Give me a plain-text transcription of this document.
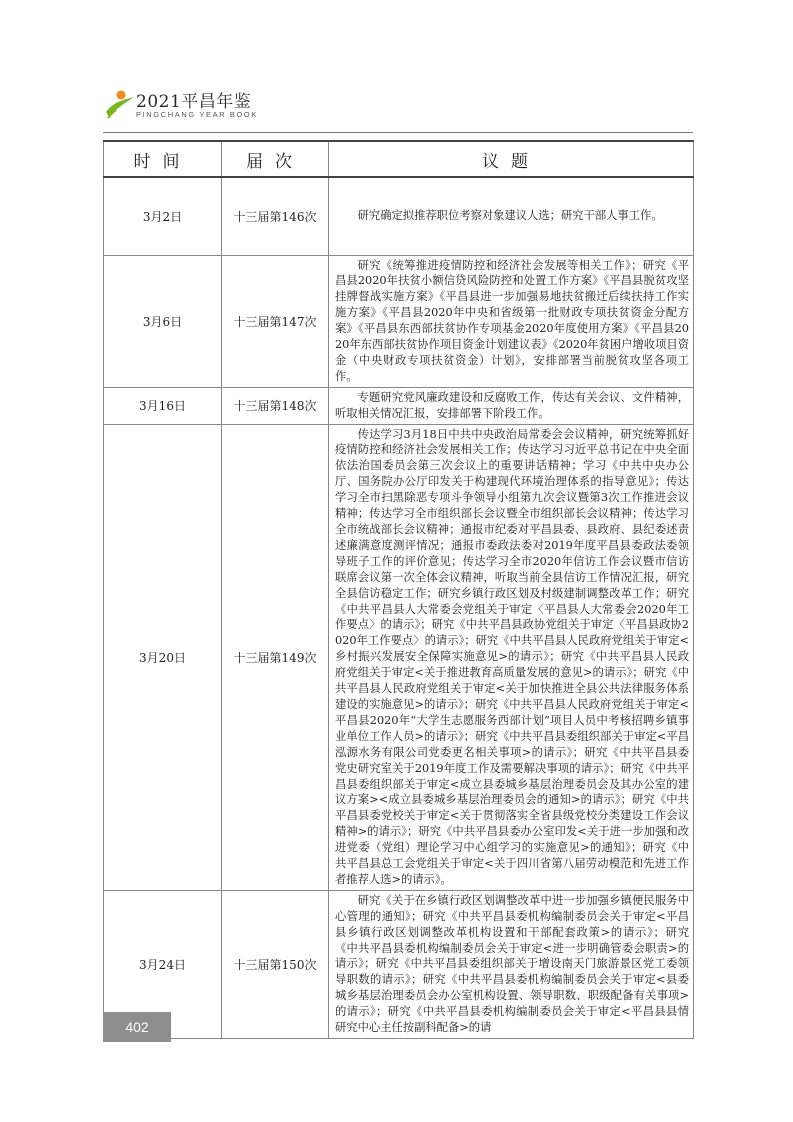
2021平昌年鉴
PINGCHANG YEAR BOOK
时间	届次	议题
3月2日	十三届第146次	研究确定拟推荐职位考察对象建议人选；研究干部人事工作。
3月6日	十三届第147次	研究《统筹推进疫情防控和经济社会发展等相关工作》；研究《平昌县2020年扶贫小额信贷风险防控和处置工作方案》《平昌县脱贫攻坚挂牌督战实施方案》《平昌县进一步加强易地扶贫搬迁后续扶持工作实施方案》《平昌县2020年中央和省级第一批财政专项扶贫资金分配方案》《平昌县东西部扶贫协作专项基金2020年度使用方案》《平昌县2020年东西部扶贫协作项目资金计划建议表》《2020年贫困户增收项目资金（中央财政专项扶贫资金）计划》，安排部署当前脱贫攻坚各项工作。
3月16日	十三届第148次	专题研究党风廉政建设和反腐败工作，传达有关会议、文件精神，听取相关情况汇报，安排部署下阶段工作。
3月20日	十三届第149次	传达学习3月18日中共中央政治局常委会会议精神，研究统筹抓好疫情防控和经济社会发展相关工作；传达学习习近平总书记在中央全面依法治国委员会第三次会议上的重要讲话精神；学习《中共中央办公厅、国务院办公厅印发关于构建现代环境治理体系的指导意见》；传达学习全市扫黑除恶专项斗争领导小组第九次会议暨第3次工作推进会议精神；传达学习全市组织部长会议暨全市组织部长会议精神；传达学习全市统战部长会议精神；通报市纪委对平昌县委、县政府、县纪委述责述廉满意度测评情况；通报市委政法委对2019年度平昌县委政法委领导班子工作的评价意见；传达学习全市2020年信访工作会议暨市信访联席会议第一次全体会议精神，听取当前全县信访工作情况汇报，研究全县信访稳定工作；研究乡镇行政区划及村级建制调整改革工作；研究《中共平昌县人大常委会党组关于审定〈平昌县人大常委会2020年工作要点〉的请示》；研究《中共平昌县政协党组关于审定〈平昌县政协2020年工作要点〉的请示》；研究《中共平昌县人民政府党组关于审定<乡村振兴发展安全保障实施意见>的请示》；研究《中共平昌县人民政府党组关于审定<关于推进教育高质量发展的意见>的请示》；研究《中共平昌县人民政府党组关于审定<关于加快推进全县公共法律服务体系建设的实施意见>的请示》；研究《中共平昌县人民政府党组关于审定<平昌县2020年“大学生志愿服务西部计划”项目人员中考核招聘乡镇事业单位工作人员>的请示》；研究《中共平昌县委组织部关于审定<平昌泓源水务有限公司党委更名相关事项>的请示》；研究《中共平昌县委党史研究室关于2019年度工作及需要解决事项的请示》；研究《中共平昌县委组织部关于审定<成立县委城乡基层治理委员会及其办公室的建议方案><成立县委城乡基层治理委员会的通知>的请示》；研究《中共平昌县委党校关于审定<关于贯彻落实全省县级党校分类建设工作会议精神>的请示》；研究《中共平昌县委办公室印发<关于进一步加强和改进党委（党组）理论学习中心组学习的实施意见>的通知》；研究《中共平昌县总工会党组关于审定<关于四川省第八届劳动模范和先进工作者推荐人选>的请示》。
3月24日	十三届第150次	研究《关于在乡镇行政区划调整改革中进一步加强乡镇便民服务中心管理的通知》；研究《中共平昌县委机构编制委员会关于审定<平昌县乡镇行政区划调整改革机构设置和干部配套政策>的请示》；研究《中共平昌县委机构编制委员会关于审定<进一步明确管委会职责>的请示》；研究《中共平昌县委组织部关于增设南天门旅游景区党工委领导职数的请示》；研究《中共平昌县委机构编制委员会关于审定<县委城乡基层治理委员会办公室机构设置、领导职数、职级配备有关事项>的请示》；研究《中共平昌县委机构编制委员会关于审定<平昌县县情研究中心主任按副科配备>的请
402
